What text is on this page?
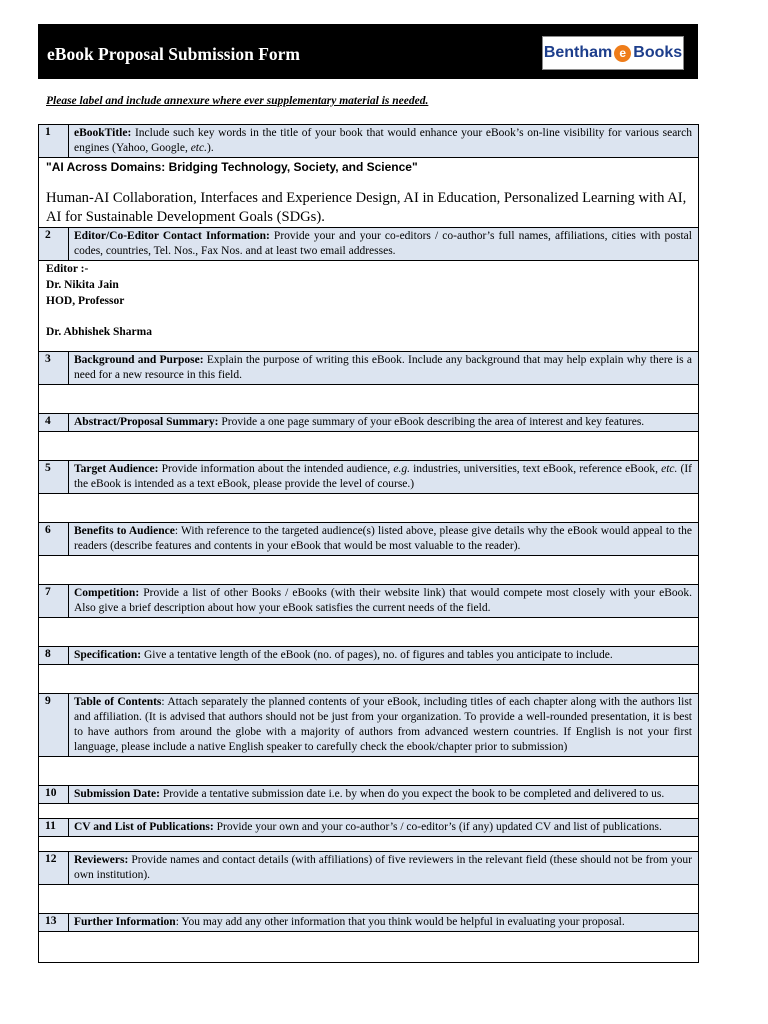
eBook Proposal Submission Form	Bentham e Books
Please label and include annexure where ever supplementary material is needed.
1	eBookTitle: Include such key words in the title of your book that would enhance your eBook’s on-line visibility for various search engines (Yahoo, Google, etc.).
"AI Across Domains: Bridging Technology, Society, and Science"
Human-AI Collaboration, Interfaces and Experience Design, AI in Education, Personalized Learning with AI, AI for Sustainable Development Goals (SDGs).
2	Editor/Co-Editor Contact Information: Provide your and your co-editors / co-author’s full names, affiliations, cities with postal codes, countries, Tel. Nos., Fax Nos. and at least two email addresses.
Editor :-
Dr. Nikita Jain
HOD, Professor
Dr. Abhishek Sharma
3	Background and Purpose: Explain the purpose of writing this eBook. Include any background that may help explain why there is a need for a new resource in this field.
4	Abstract/Proposal Summary: Provide a one page summary of your eBook describing the area of interest and key features.
5	Target Audience: Provide information about the intended audience, e.g. industries, universities, text eBook, reference eBook, etc. (If the eBook is intended as a text eBook, please provide the level of course.)
6	Benefits to Audience: With reference to the targeted audience(s) listed above, please give details why the eBook would appeal to the readers (describe features and contents in your eBook that would be most valuable to the reader).
7	Competition: Provide a list of other Books / eBooks (with their website link) that would compete most closely with your eBook. Also give a brief description about how your eBook satisfies the current needs of the field.
8	Specification: Give a tentative length of the eBook (no. of pages), no. of figures and tables you anticipate to include.
9	Table of Contents: Attach separately the planned contents of your eBook, including titles of each chapter along with the authors list and affiliation. (It is advised that authors should not be just from your organization. To provide a well-rounded presentation, it is best to have authors from around the globe with a majority of authors from advanced western countries. If English is not your first language, please include a native English speaker to carefully check the ebook/chapter prior to submission)
10	Submission Date: Provide a tentative submission date i.e. by when do you expect the book to be completed and delivered to us.
11	CV and List of Publications: Provide your own and your co-author’s / co-editor’s (if any) updated CV and list of publications.
12	Reviewers: Provide names and contact details (with affiliations) of five reviewers in the relevant field (these should not be from your own institution).
13	Further Information: You may add any other information that you think would be helpful in evaluating your proposal.
